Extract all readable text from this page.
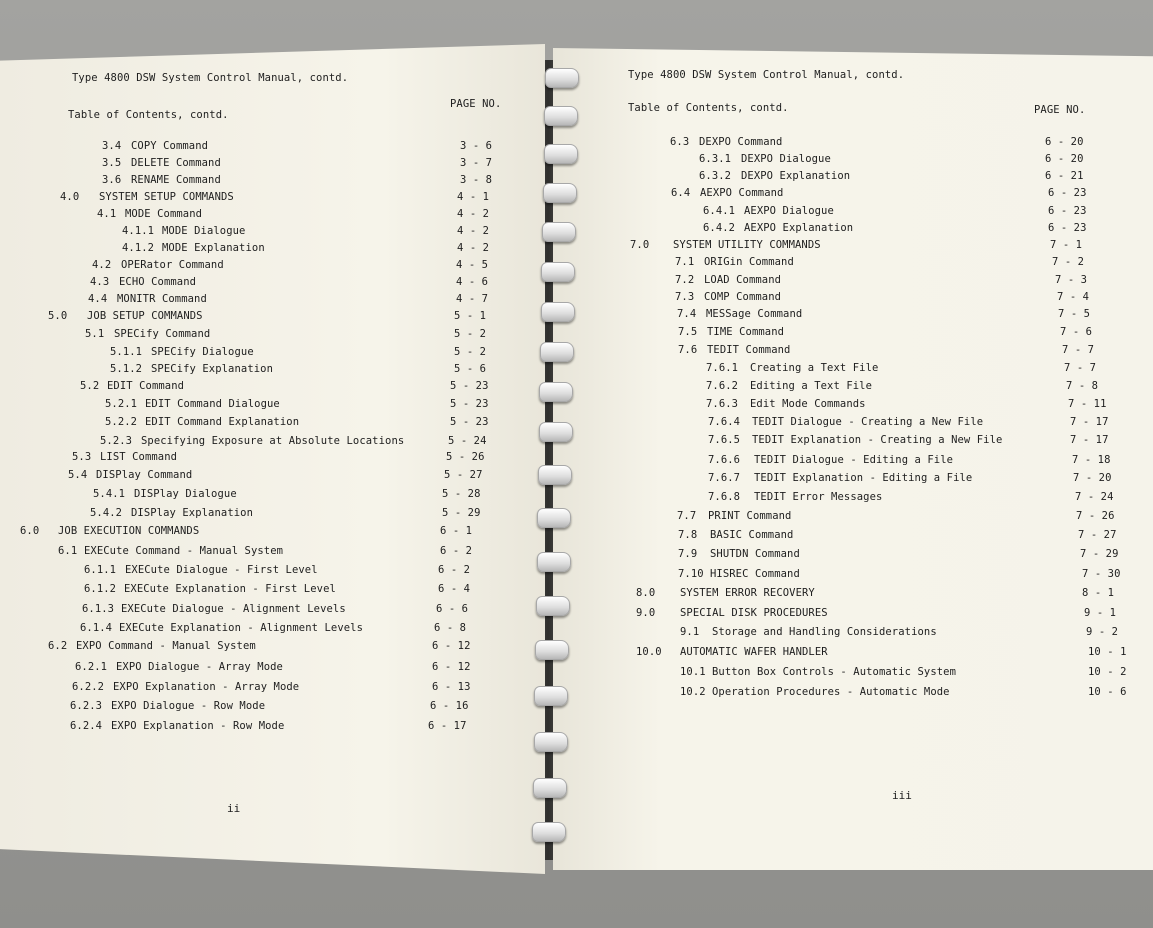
Type 4800 DSW System Control Manual, contd.
Table of Contents, contd.
PAGE NO.
3.4 COPY Command	3 - 6
3.5 DELETE Command	3 - 7
3.6 RENAME Command	3 - 8
4.0 SYSTEM SETUP COMMANDS	4 - 1
4.1 MODE Command	4 - 2
4.1.1 MODE Dialogue	4 - 2
4.1.2 MODE Explanation	4 - 2
4.2 OPERator Command	4 - 5
4.3 ECHO Command	4 - 6
4.4 MONITR Command	4 - 7
5.0 JOB SETUP COMMANDS	5 - 1
5.1 SPECify Command	5 - 2
5.1.1 SPECify Dialogue	5 - 2
5.1.2 SPECify Explanation	5 - 6
5.2 EDIT Command	5 - 23
5.2.1 EDIT Command Dialogue	5 - 23
5.2.2 EDIT Command Explanation	5 - 23
5.2.3 Specifying Exposure at Absolute Locations	5 - 24
5.3 LIST Command	5 - 26
5.4 DISPlay Command	5 - 27
5.4.1 DISPlay Dialogue	5 - 28
5.4.2 DISPlay Explanation	5 - 29
6.0 JOB EXECUTION COMMANDS	6 - 1
6.1 EXECute Command - Manual System	6 - 2
6.1.1 EXECute Dialogue - First Level	6 - 2
6.1.2 EXECute Explanation - First Level	6 - 4
6.1.3 EXECute Dialogue - Alignment Levels	6 - 6
6.1.4 EXECute Explanation - Alignment Levels	6 - 8
6.2 EXPO Command - Manual System	6 - 12
6.2.1 EXPO Dialogue - Array Mode	6 - 12
6.2.2 EXPO Explanation - Array Mode	6 - 13
6.2.3 EXPO Dialogue - Row Mode	6 - 16
6.2.4 EXPO Explanation - Row Mode	6 - 17
ii
Type 4800 DSW System Control Manual, contd.
Table of Contents, contd.	PAGE NO.
6.3 DEXPO Command	6 - 20
6.3.1 DEXPO Dialogue	6 - 20
6.3.2 DEXPO Explanation	6 - 21
6.4 AEXPO Command	6 - 23
6.4.1 AEXPO Dialogue	6 - 23
6.4.2 AEXPO Explanation	6 - 23
7.0 SYSTEM UTILITY COMMANDS	7 - 1
7.1 ORIGin Command	7 - 2
7.2 LOAD Command	7 - 3
7.3 COMP Command	7 - 4
7.4 MESSage Command	7 - 5
7.5 TIME Command	7 - 6
7.6 TEDIT Command	7 - 7
7.6.1 Creating a Text File	7 - 7
7.6.2 Editing a Text File	7 - 8
7.6.3 Edit Mode Commands	7 - 11
7.6.4 TEDIT Dialogue - Creating a New File	7 - 17
7.6.5 TEDIT Explanation - Creating a New File	7 - 17
7.6.6 TEDIT Dialogue - Editing a File	7 - 18
7.6.7 TEDIT Explanation - Editing a File	7 - 20
7.6.8 TEDIT Error Messages	7 - 24
7.7 PRINT Command	7 - 26
7.8 BASIC Command	7 - 27
7.9 SHUTDN Command	7 - 29
7.10 HISREC Command	7 - 30
8.0 SYSTEM ERROR RECOVERY	8 - 1
9.0 SPECIAL DISK PROCEDURES	9 - 1
9.1 Storage and Handling Considerations	9 - 2
10.0 AUTOMATIC WAFER HANDLER	10 - 1
10.1 Button Box Controls - Automatic System	10 - 2
10.2 Operation Procedures - Automatic Mode	10 - 6
iii
